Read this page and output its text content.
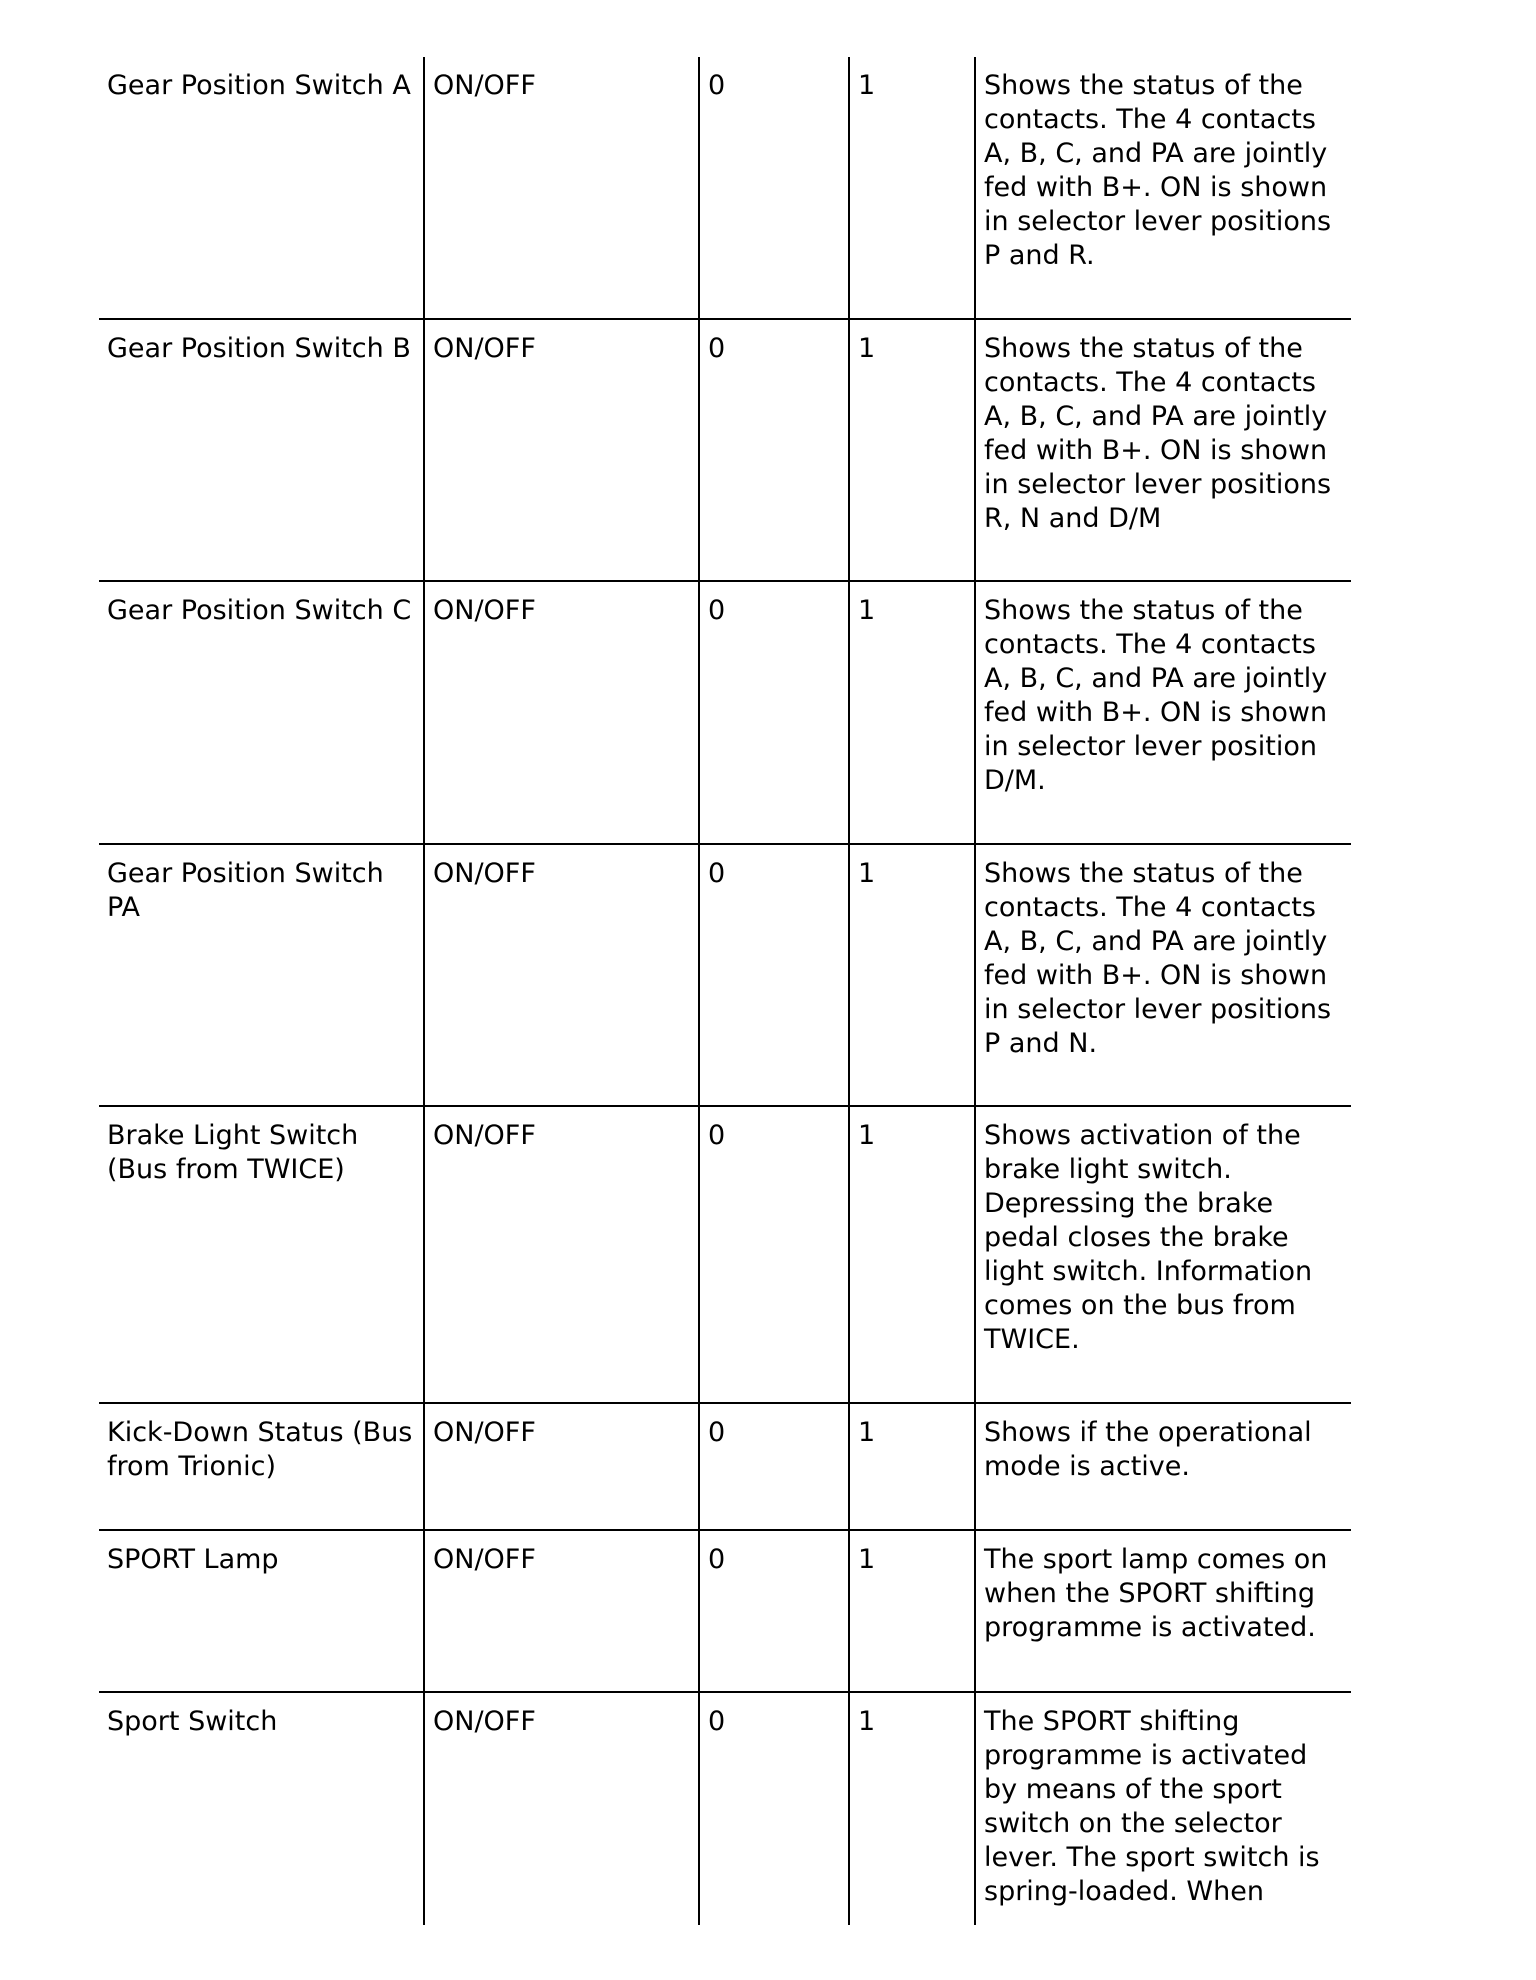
Gear Position Switch A	ON/OFF	0	1	Shows the status of the contacts. The 4 contacts A, B, C, and PA are jointly fed with B+. ON is shown in selector lever positions P and R.
Gear Position Switch B	ON/OFF	0	1	Shows the status of the contacts. The 4 contacts A, B, C, and PA are jointly fed with B+. ON is shown in selector lever positions R, N and D/M
Gear Position Switch C	ON/OFF	0	1	Shows the status of the contacts. The 4 contacts A, B, C, and PA are jointly fed with B+. ON is shown in selector lever position D/M.
Gear Position Switch PA	ON/OFF	0	1	Shows the status of the contacts. The 4 contacts A, B, C, and PA are jointly fed with B+. ON is shown in selector lever positions P and N.
Brake Light Switch (Bus from TWICE)	ON/OFF	0	1	Shows activation of the brake light switch. Depressing the brake pedal closes the brake light switch. Information comes on the bus from TWICE.
Kick-Down Status (Bus from Trionic)	ON/OFF	0	1	Shows if the operational mode is active.
SPORT Lamp	ON/OFF	0	1	The sport lamp comes on when the SPORT shifting programme is activated.
Sport Switch	ON/OFF	0	1	The SPORT shifting programme is activated by means of the sport switch on the selector lever. The sport switch is spring-loaded. When
